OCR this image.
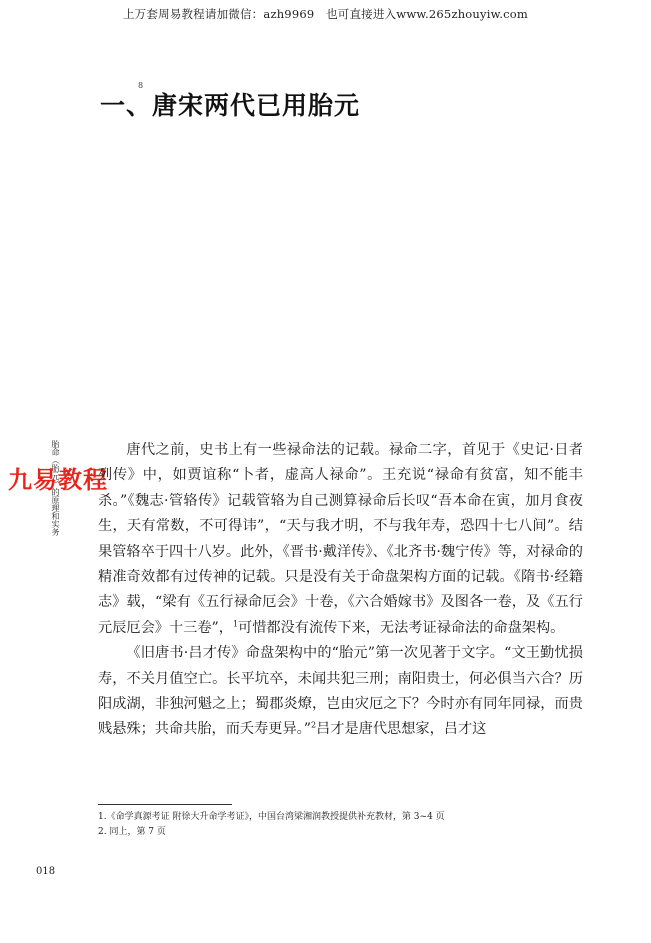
上万套周易教程请加微信：azh9969　也可直接进入www.265zhouyiw.com
8
一、唐宋两代已用胎元
胎命（胎元）的原理和实务
九易教程

唐代之前，史书上有一些禄命法的记载。禄命二字，首见于《史记·日者列传》中，如贾谊称“卜者，虚高人禄命”。王充说“禄命有贫富，知不能丰杀。”《魏志·管辂传》记载管辂为自己测算禄命后长叹“吾本命在寅，加月食夜生，天有常数，不可得讳”，“天与我才明，不与我年寿，恐四十七八间”。结果管辂卒于四十八岁。此外，《晋书·戴洋传》、《北齐书·魏宁传》等，对禄命的精准奇效都有过传神的记载。只是没有关于命盘架构方面的记载。《隋书·经籍志》载，“梁有《五行禄命厄会》十卷，《六合婚嫁书》及图各一卷，及《五行元辰厄会》十三卷”，$^1$可惜都没有流传下来，无法考证禄命法的命盘架构。

《旧唐书·吕才传》命盘架构中的“胎元”第一次见著于文字。“文王勤忧损寿，不关月值空亡。长平坑卒，未闻共犯三刑；南阳贵士，何必俱当六合？历阳成湖，非独河魁之上；蜀郡炎燎，岂由灾厄之下？今时亦有同年同禄，而贵贱悬殊；共命共胎，而夭寿更异。”$^2$吕才是唐代思想家，吕才这

1.《命学真源考证 附徐大升命学考证》，中国台湾梁湘润教授提供补充教材，第 3~4 页
2. 同上，第 7 页
018
